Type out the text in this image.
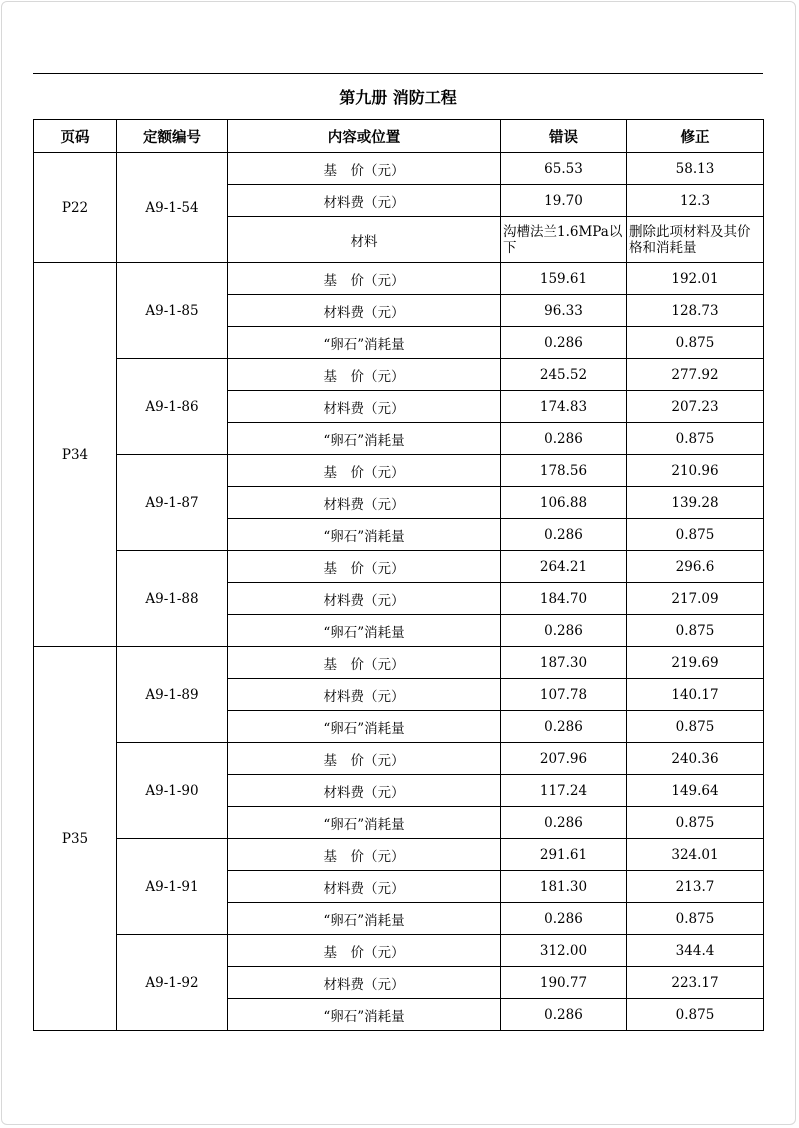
第九册 消防工程
页码	定额编号	内容或位置	错误	修正
P22	A9-1-54	基　价（元）	65.53	58.13
		材料费（元）	19.70	12.3
		材料	沟槽法兰1.6MPa以下	删除此项材料及其价格和消耗量
P34	A9-1-85	基　价（元）	159.61	192.01
		材料费（元）	96.33	128.73
		“卵石”消耗量	0.286	0.875
	A9-1-86	基　价（元）	245.52	277.92
		材料费（元）	174.83	207.23
		“卵石”消耗量	0.286	0.875
	A9-1-87	基　价（元）	178.56	210.96
		材料费（元）	106.88	139.28
		“卵石”消耗量	0.286	0.875
	A9-1-88	基　价（元）	264.21	296.6
		材料费（元）	184.70	217.09
		“卵石”消耗量	0.286	0.875
P35	A9-1-89	基　价（元）	187.30	219.69
		材料费（元）	107.78	140.17
		“卵石”消耗量	0.286	0.875
	A9-1-90	基　价（元）	207.96	240.36
		材料费（元）	117.24	149.64
		“卵石”消耗量	0.286	0.875
	A9-1-91	基　价（元）	291.61	324.01
		材料费（元）	181.30	213.7
		“卵石”消耗量	0.286	0.875
	A9-1-92	基　价（元）	312.00	344.4
		材料费（元）	190.77	223.17
		“卵石”消耗量	0.286	0.875
